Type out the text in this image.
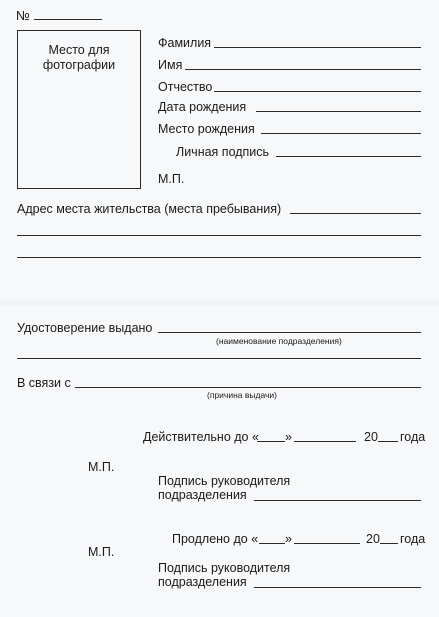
№
Место для
фотографии
Фамилия
Имя
Отчество
Дата рождения
Место рождения
Личная подпись
М.П.
Адрес места жительства (места пребывания)
Удостоверение выдано
(наименование подразделения)
В связи с
(причина выдачи)
Действительно до « »	20 года
М.П.
Подпись руководителя
подразделения
Продлено до « »	20 года
М.П.
Подпись руководителя
подразделения
